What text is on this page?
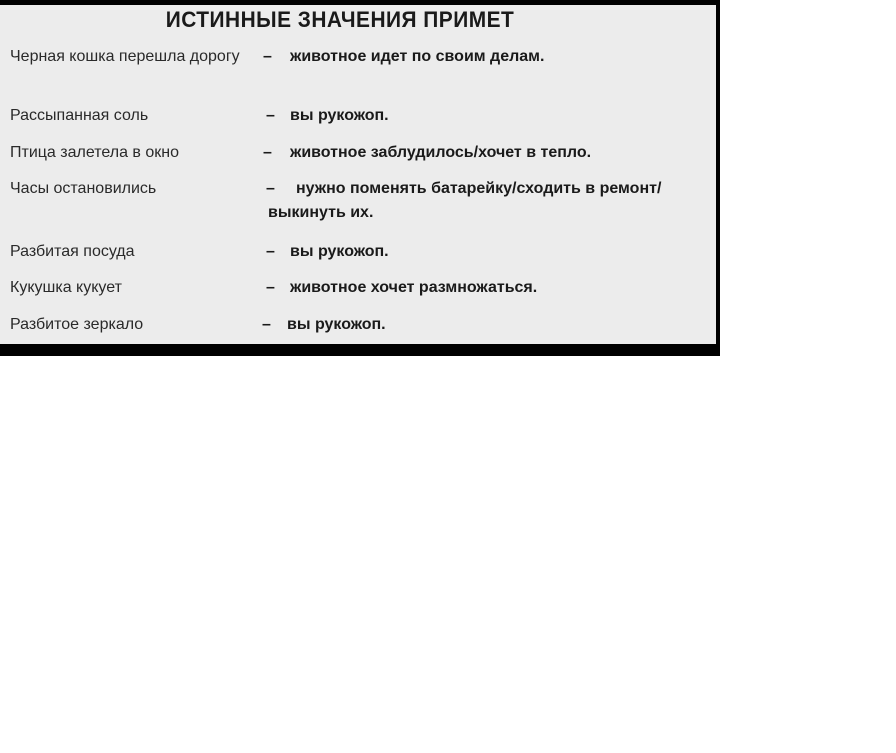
ИСТИННЫЕ ЗНАЧЕНИЯ ПРИМЕТ
Черная кошка перешла дорогу	– животное идет по своим делам.
Рассыпанная соль	– вы рукожоп.
Птица залетела в окно	– животное заблудилось/хочет в тепло.
Часы остановились	–	нужно поменять батарейку/сходить в ремонт/выкинуть их.
Разбитая посуда	– вы рукожоп.
Кукушка кукует	– животное хочет размножаться.
Разбитое зеркало	– вы рукожоп.
